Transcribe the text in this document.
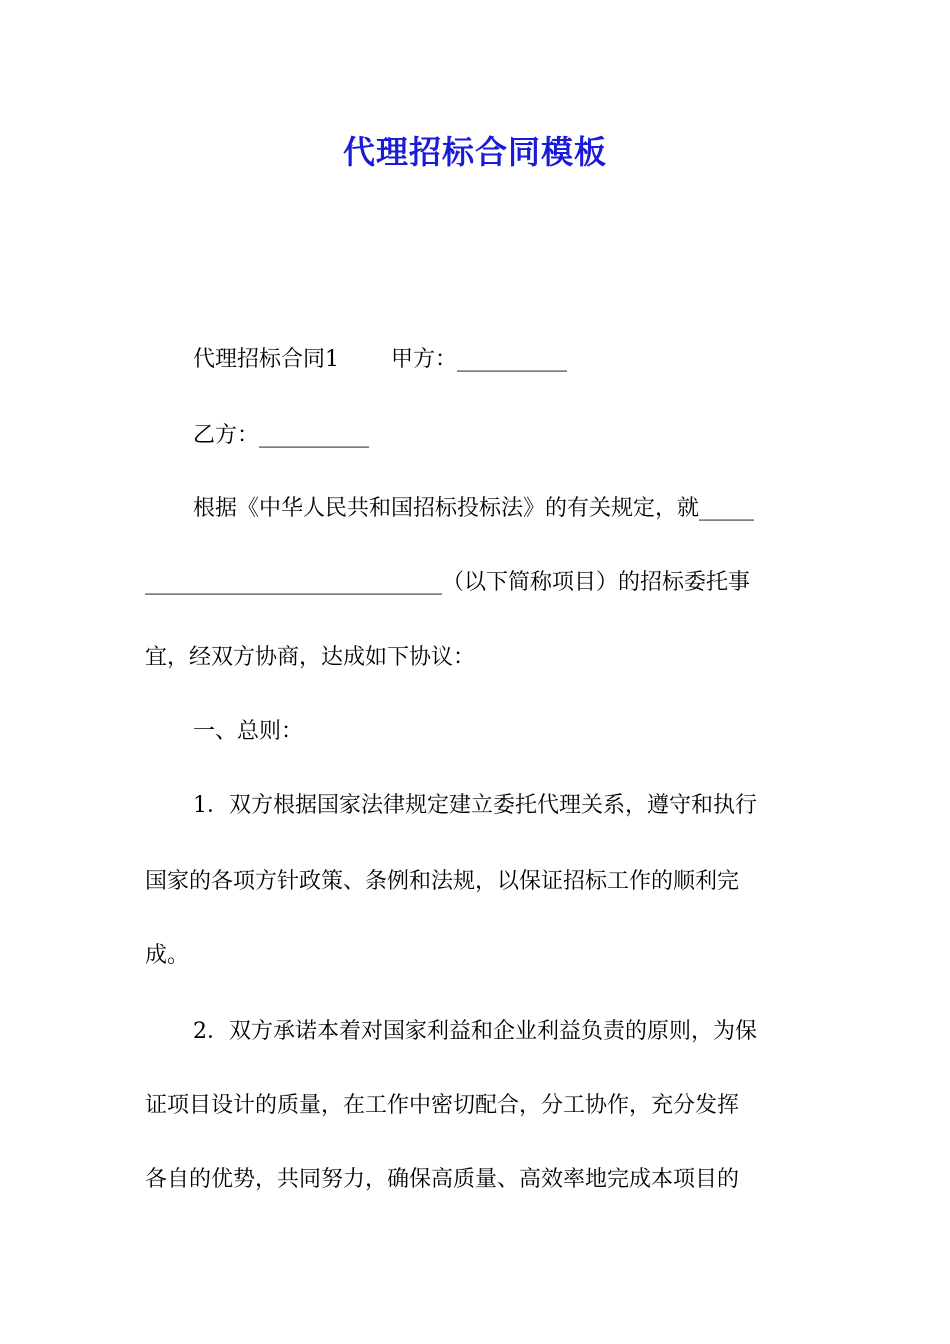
代理招标合同模板
代理招标合同1 甲方：__________
乙方：__________
根据《中华人民共和国招标投标法》的有关规定，就_____
___________________________（以下简称项目）的招标委托事
宜，经双方协商，达成如下协议：
一、总则：
1．双方根据国家法律规定建立委托代理关系，遵守和执行
国家的各项方针政策、条例和法规，以保证招标工作的顺利完
成。
2．双方承诺本着对国家利益和企业利益负责的原则，为保
证项目设计的质量，在工作中密切配合，分工协作，充分发挥
各自的优势，共同努力，确保高质量、高效率地完成本项目的
